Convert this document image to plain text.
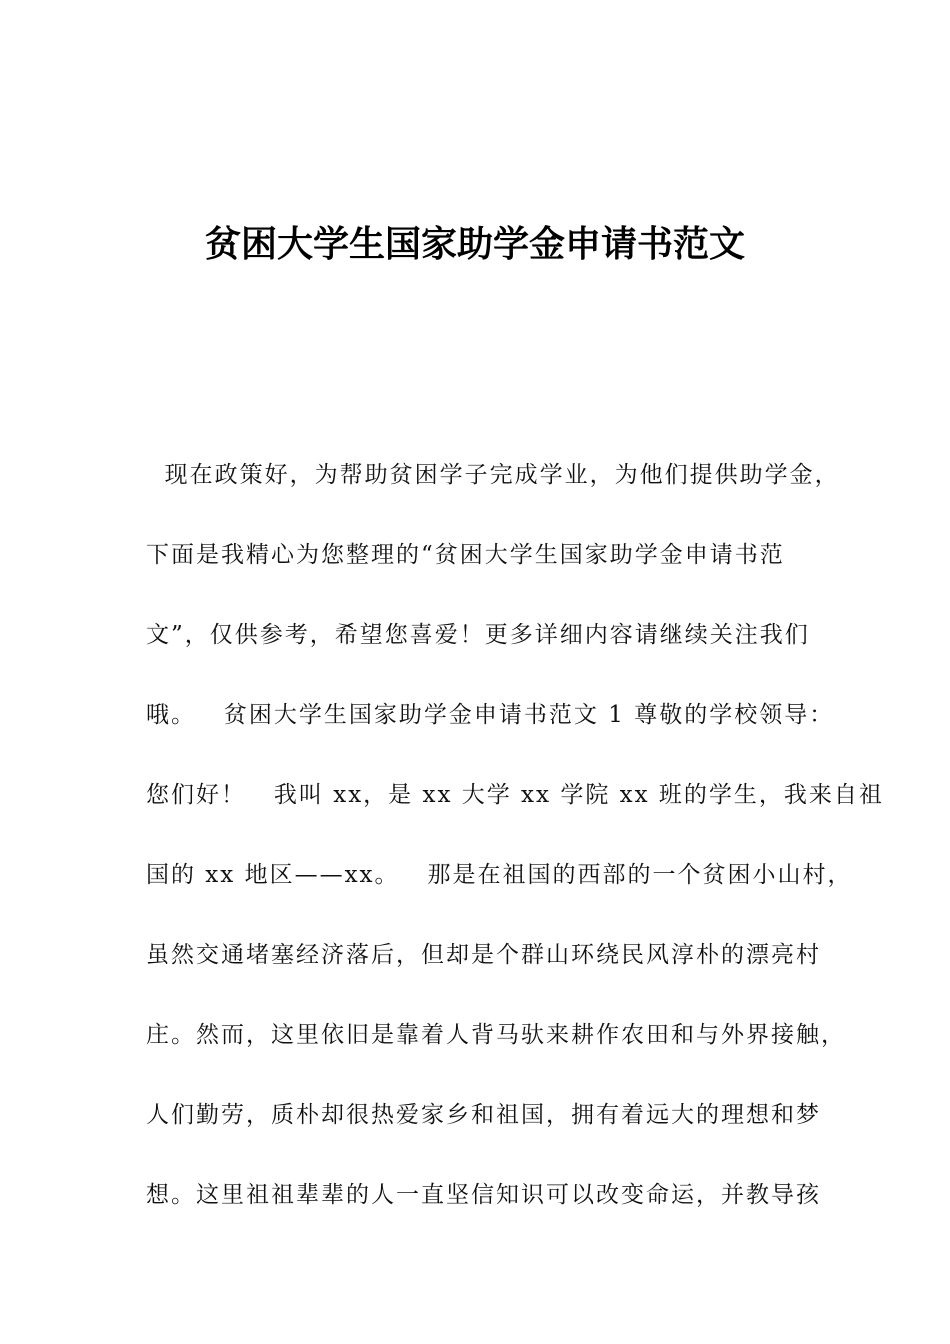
贫困大学生国家助学金申请书范文
现在政策好，为帮助贫困学子完成学业，为他们提供助学金，
下面是我精心为您整理的“贫困大学生国家助学金申请书范
文”，仅供参考，希望您喜爱！更多详细内容请继续关注我们
哦。   贫困大学生国家助学金申请书范文 1 尊敬的学校领导：
您们好！   我叫 xx，是 xx 大学 xx 学院 xx 班的学生，我来自祖
国的 xx 地区——xx。   那是在祖国的西部的一个贫困小山村，
虽然交通堵塞经济落后，但却是个群山环绕民风淳朴的漂亮村
庄。然而，这里依旧是靠着人背马驮来耕作农田和与外界接触，
人们勤劳，质朴却很热爱家乡和祖国，拥有着远大的理想和梦
想。这里祖祖辈辈的人一直坚信知识可以改变命运，并教导孩
